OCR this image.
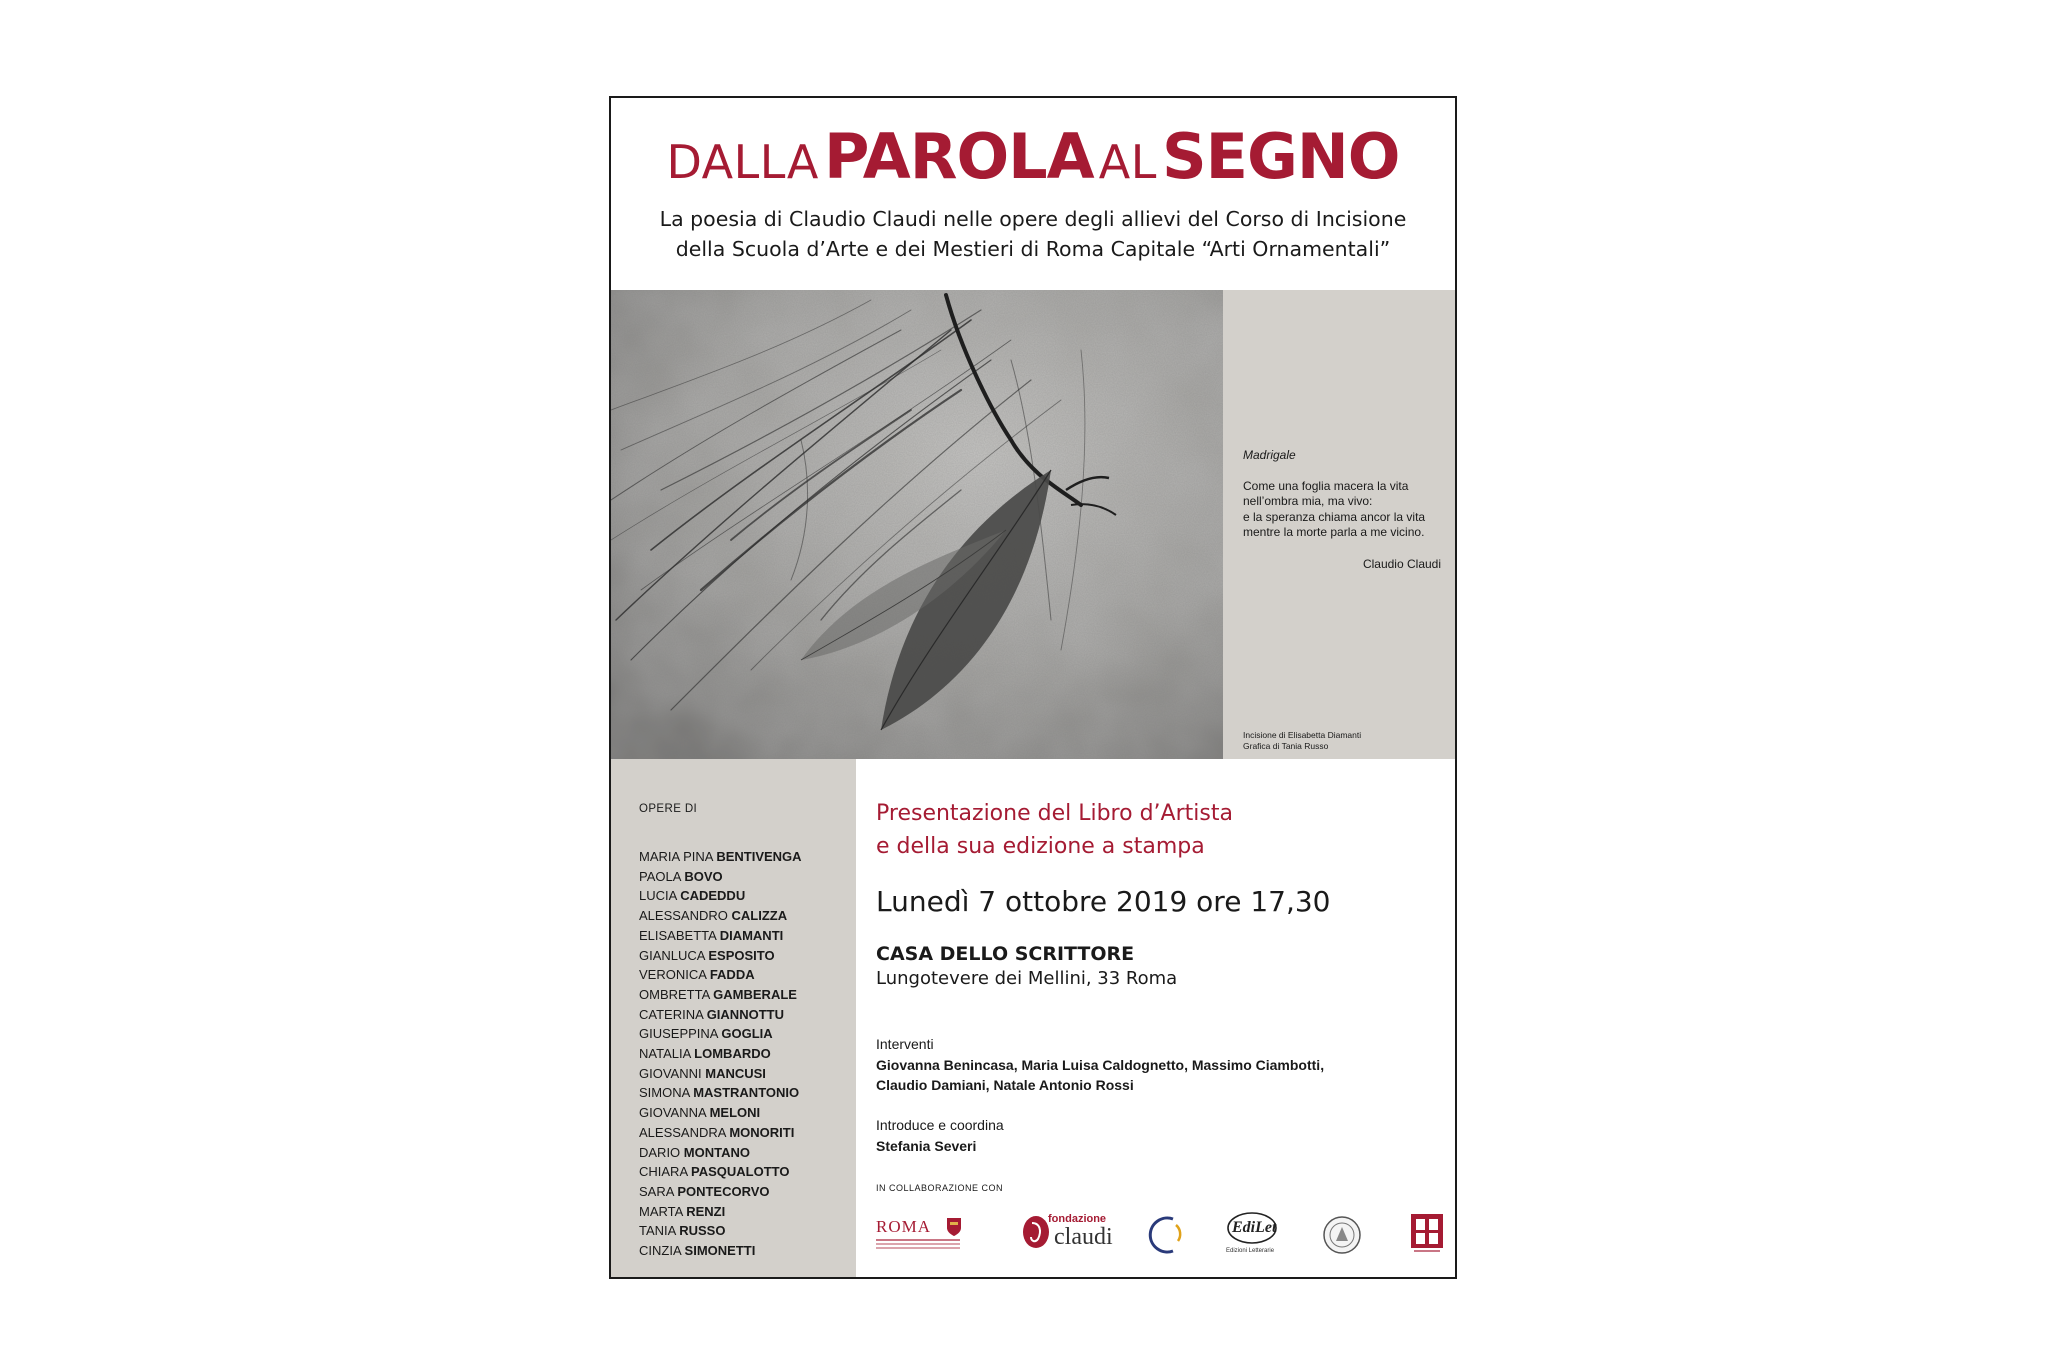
DALLA PAROLA AL SEGNO
La poesia di Claudio Claudi nelle opere degli allievi del Corso di Incisione
della Scuola d’Arte e dei Mestieri di Roma Capitale “Arti Ornamentali”
Madrigale
Come una foglia macera la vita
nell’ombra mia, ma vivo:
e la speranza chiama ancor la vita
mentre la morte parla a me vicino.
Claudio Claudi
Incisione di Elisabetta Diamanti
Grafica di Tania Russo
OPERE DI
MARIA PINA BENTIVENGA
PAOLA BOVO
LUCIA CADEDDU
ALESSANDRO CALIZZA
ELISABETTA DIAMANTI
GIANLUCA ESPOSITO
VERONICA FADDA
OMBRETTA GAMBERALE
CATERINA GIANNOTTU
GIUSEPPINA GOGLIA
NATALIA LOMBARDO
GIOVANNI MANCUSI
SIMONA MASTRANTONIO
GIOVANNA MELONI
ALESSANDRA MONORITI
DARIO MONTANO
CHIARA PASQUALOTTO
SARA PONTECORVO
MARTA RENZI
TANIA RUSSO
CINZIA SIMONETTI
Presentazione del Libro d’Artista
e della sua edizione a stampa
Lunedì 7 ottobre 2019 ore 17,30
CASA DELLO SCRITTORE
Lungotevere dei Mellini, 33 Roma
Interventi
Giovanna Benincasa, Maria Luisa Caldognetto, Massimo Ciambotti,
Claudio Damiani, Natale Antonio Rossi
Introduce e coordina
Stefania Severi
IN COLLABORAZIONE CON
ROMA	fondazione
claudi	EdiLet
Edizioni Letterarie
